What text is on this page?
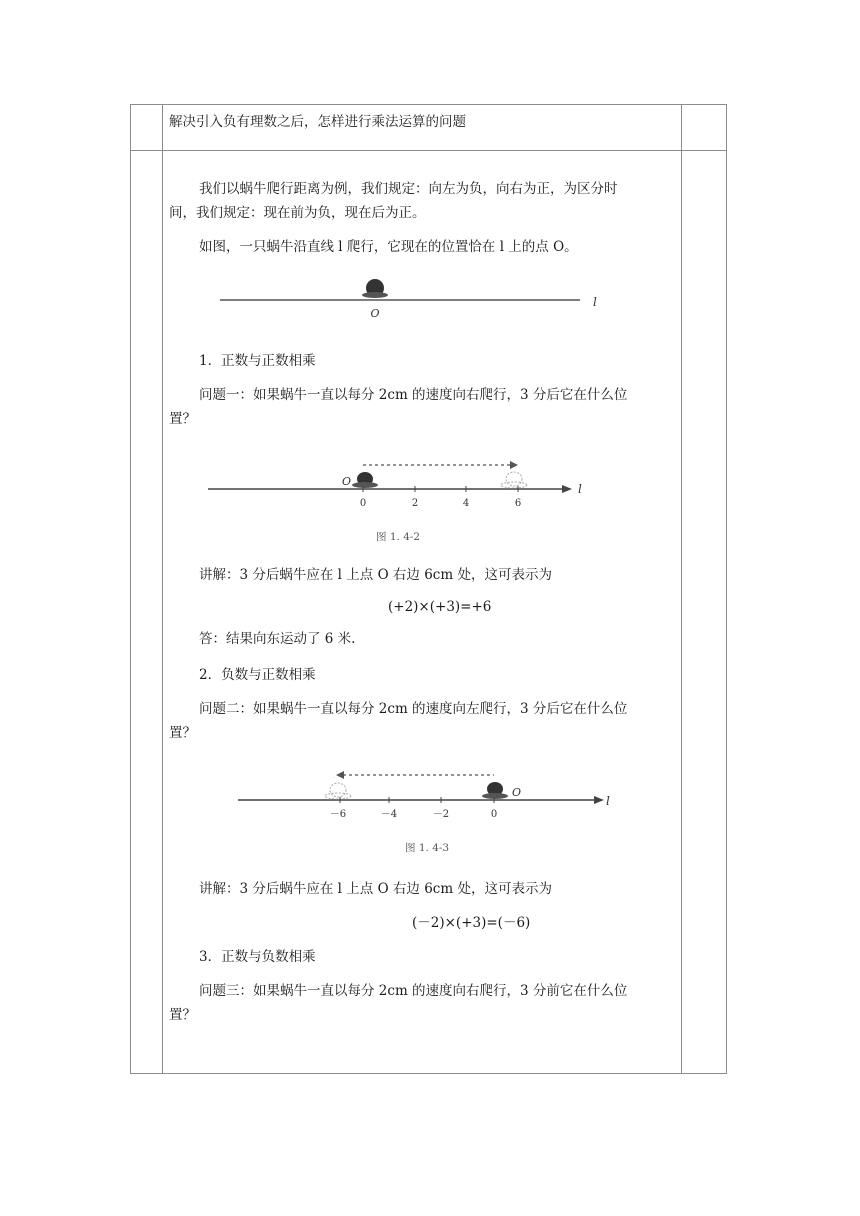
解决引入负有理数之后，怎样进行乘法运算的问题
我们以蜗牛爬行距离为例，我们规定：向左为负，向右为正，为区分时
间，我们规定：现在前为负，现在后为正。
如图，一只蜗牛沿直线 l 爬行，它现在的位置恰在 l 上的点 O。
O
l
1．正数与正数相乘
问题一：如果蜗牛一直以每分 2cm 的速度向右爬行，3 分后它在什么位
置？
O
0	2	4	6
l
图 1. 4-2
讲解：3 分后蜗牛应在 l 上点 O 右边 6cm 处，这可表示为
(+2)×(+3)=+6
答：结果向东运动了 6 米.
2．负数与正数相乘
问题二：如果蜗牛一直以每分 2cm 的速度向左爬行，3 分后它在什么位
置？
O
－6	－4	－2	0
l
图 1. 4-3
讲解：3 分后蜗牛应在 l 上点 O 右边 6cm 处，这可表示为
(－2)×(+3)=(－6)
3．正数与负数相乘
问题三：如果蜗牛一直以每分 2cm 的速度向右爬行，3 分前它在什么位
置？
